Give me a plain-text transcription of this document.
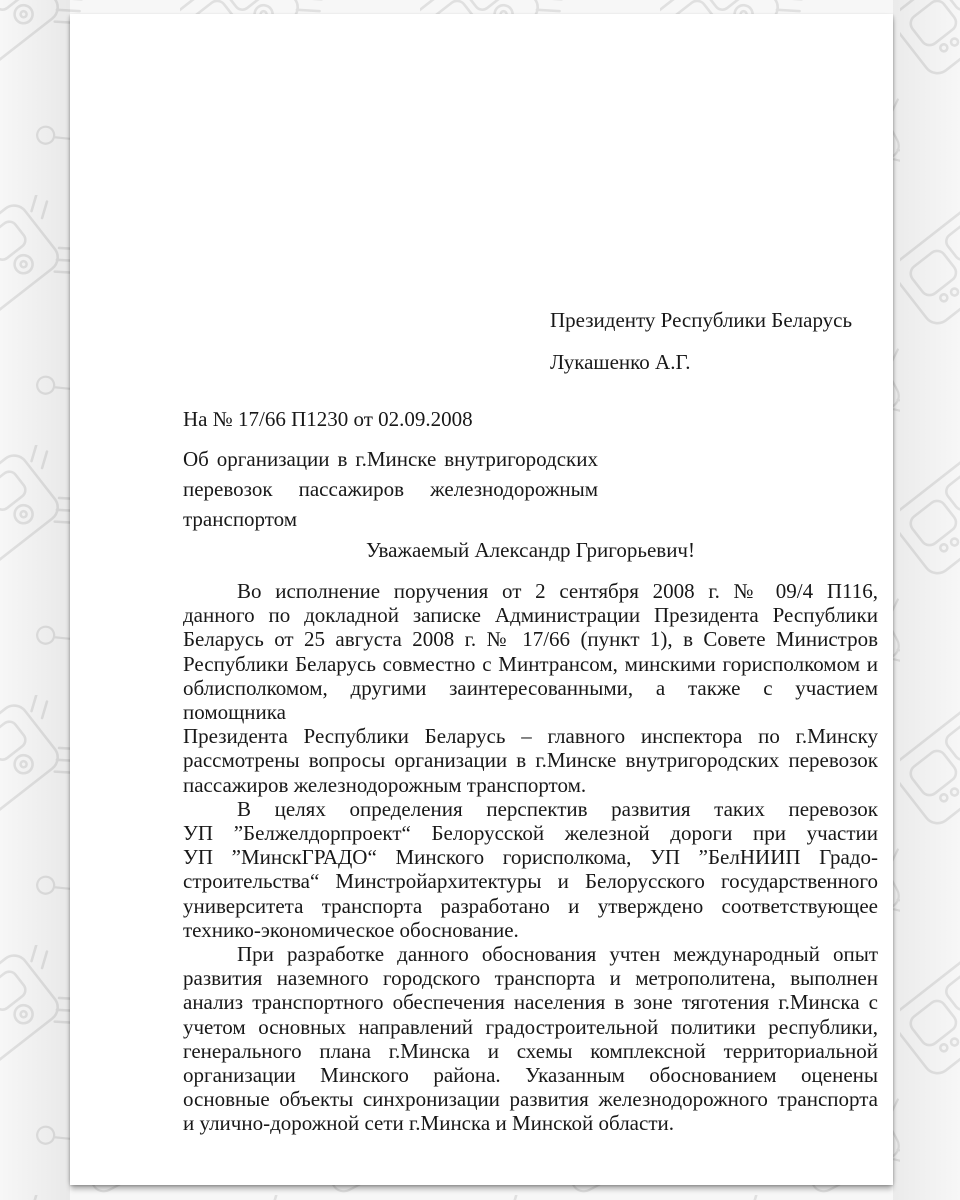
Президенту Республики Беларусь
Лукашенко А.Г.
На № 17/66 П1230 от 02.09.2008
Об организации в г.Минске внутригородских
перевозок пассажиров железнодорожным
транспортом
Уважаемый Александр Григорьевич!
Во исполнение поручения от 2 сентября 2008 г. № 09/4 П116,
данного по докладной записке Администрации Президента Республики
Беларусь от 25 августа 2008 г. № 17/66 (пункт 1), в Совете Министров
Республики Беларусь совместно с Минтрансом, минскими горисполкомом и
облисполкомом, другими заинтересованными, а также с участием помощника
Президента Республики Беларусь – главного инспектора по г.Минску
рассмотрены вопросы организации в г.Минске внутригородских перевозок
пассажиров железнодорожным транспортом.
В целях определения перспектив развития таких перевозок
УП ”Белжелдорпроект“ Белорусской железной дороги при участии
УП ”МинскГРАДО“ Минского горисполкома, УП ”БелНИИП Градо-
строительства“ Минстройархитектуры и Белорусского государственного
университета транспорта разработано и утверждено соответствующее
технико-экономическое обоснование.
При разработке данного обоснования учтен международный опыт
развития наземного городского транспорта и метрополитена, выполнен
анализ транспортного обеспечения населения в зоне тяготения г.Минска с
учетом основных направлений градостроительной политики республики,
генерального плана г.Минска и схемы комплексной территориальной
организации Минского района. Указанным обоснованием оценены
основные объекты синхронизации развития железнодорожного транспорта
и улично-дорожной сети г.Минска и Минской области.
